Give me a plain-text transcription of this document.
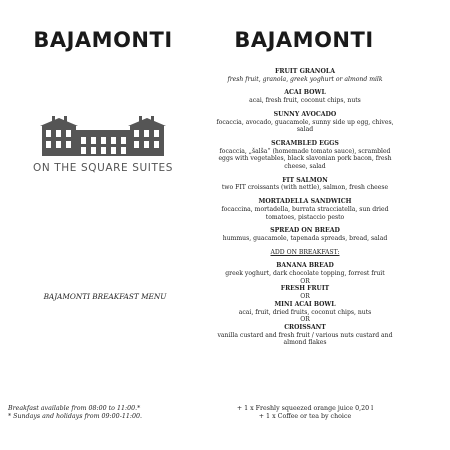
BAJAMONTI	BAJAMONTI
ON THE SQUARE SUITES
BAJAMONTI BREAKFAST MENU
Breakfast available from 08:00 to 11:00.*
* Sundays and holidays from 09:00-11:00.
FRUIT GRANOLA
fresh fruit, granola, greek yoghurt or almond milk
ACAI BOWL
acai, fresh fruit, coconut chips, nuts
SUNNY AVOCADO
focaccia, avocado, guacamole, sunny side up egg, chives, salad
SCRAMBLED EGGS
focaccia, „šalša“ (homemade tomato sauce), scrambled eggs with vegetables, black slavonian pork bacon, fresh cheese, salad
FIT SALMON
two FIT croissants (with nettle), salmon, fresh cheese
MORTADELLA SANDWICH
focaccina, mortadella, burrata stracciatella, sun dried tomatoes, pistaccio pesto
SPREAD ON BREAD
hummus, guacamole, tapenada spreads, bread, salad
ADD ON BREAKFAST:
BANANA BREAD
greek yoghurt, dark chocolate topping, forrest fruit
OR
FRESH FRUIT
OR
MINI ACAI BOWL
acai, fruit, dried fruits, coconut chips, nuts
OR
CROISSANT
vanilla custard and fresh fruit / various nuts custard and almond flakes
+ 1 x Freshly squeezed orange juice 0,20 l
+ 1 x Coffee or tea by choice
